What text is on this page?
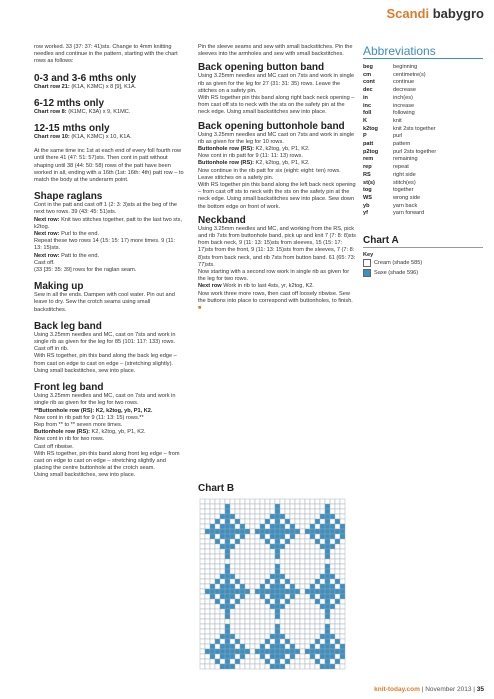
Scandi babygro

row worked. 33 (37: 37: 41)sts. Change to 4mm knitting needles and continue in the pattern, starting with the chart rows as follows:

0-3 and 3-6 mths only

Chart row 21: (K1A, K3MC) x 8 [9], K1A.

6-12 mths only

Chart row 8: (K1MC, K3A) x 9, K1MC.

12-15 mths only

Chart row 10: (K1A, K3MC) x 10, K1A.

At the same time inc 1st at each end of every foll fourth row until there 41 (47: 51: 57)sts. Then cont in patt without shaping until 38 (44: 50: 58) rows of the patt have been worked in all, ending with a 16th (1st: 16th: 4th) patt row – to match the body at the underarm point.

Shape raglans

Cont in the patt and cast off 1 (2: 3: 3)sts at the beg of the next two rows. 39 (43: 45: 51)sts.

Next row: Knit two stitches together, patt to the last two sts, k2tog.

Next row: Purl to the end.

Repeat these two rows 14 (15: 15: 17) more times. 9 (11: 13: 15)sts.

Next row: Patt to the end.

Cast off.

(33 [35: 35: 39] rows for the raglan seam.

Making up

Sew in all the ends. Dampen with cool water. Pin out and leave to dry. Sew the crotch seams using small backstitches.

Back leg band

Using 3.25mm needles and MC, cast on 7sts and work in single rib as given for the leg for 85 (101: 117: 133) rows.

Cast off in rib.

With RS together, pin this band along the back leg edge – from cast on edge to cast on edge – (stretching slightly).

Using small backstitches, sew into place.

Front leg band

Using 3.25mm needles and MC, cast on 7sts and work in single rib as given for the leg for two rows.

**Buttonhole row (RS): K2, k2tog, yb, P1, K2.

Now cont in rib patt for 9 (11: 13: 15) rows.**

Rep from ** to ** seven more times.

Buttonhole row (RS): K2, k2tog, yb, P1, K2.

Now cont in rib for two rows.

Cast off ribwise.

With RS together, pin this band along front leg edge – from cast on edge to cast on edge – stretching slightly and placing the centre buttonhole at the crotch seam.

Using small backstitches, sew into place.

Pin the sleeve seams and sew with small backstitches. Pin the sleeves into the armholes and sew with small backstitches.

Back opening button band

Using 3.25mm needles and MC cast on 7sts and work in single rib as given for the leg for 27 (31: 31: 35) rows. Leave the stitches on a safety pin.

With RS together pin this band along right back neck opening – from cast off sts to neck with the sts on the safety pin at the neck edge. Using small backstitches sew into place.

Back opening buttonhole band

Using 3.25mm needles and MC cast on 7sts and work in single rib as given for the leg for 10 rows.

Buttonhole row (RS): K2, k2tog, yb, P1, K2.

Now cont in rib patt for 9 (11: 11: 13) rows.

Buttonhole row (RS): K2, k2tog, yb, P1, K2.

Now continue in the rib patt for six (eight: eight: ten) rows.

Leave stitches on a safety pin.

With RS together pin this band along the left back neck opening – from cast off sts to neck with the sts on the safety pin at the neck edge. Using small backstitches sew into place. Sew down the bottom edge on front of work.

Neckband

Using 3.25mm needles and MC, and working from the RS, pick and rib 7sts from buttonhole band, pick up and knit 7 (7: 8: 8)sts from back neck, 9 (11: 13: 15)sts from sleeves, 15 (15: 17: 17)sts from the front, 9 (11: 13: 15)sts from the sleeves, 7 (7: 8: 8)sts from back neck, and rib 7sts from button band. 61 (65: 73: 77)sts.

Now starting with a second row work in single rib as given for the leg for two rows.

Next row Work in rib to last 4sts, yr, k2tog, K2.

Now work three more rows, then cast off loosely ribwise. Sew the buttons into place to correspond with buttonholes, to finish. ■

Chart B

Abbreviations

beg	beginning
cm	centimetre(s)
cont	continue
dec	decrease
in	inch(es)
inc	increase
foll	following
K	knit
k2tog	knit 2sts together
P	purl
patt	pattern
p2tog	purl 2sts together
rem	remaining
rep	repeat
RS	right side
st(s)	stitch(es)
tog	together
WS	wrong side
yb	yarn back
yf	yarn forward
Chart A

Key

Cream (shade 585)
Saxe (shade 596)
knit-today.com | November 2013 | 35
